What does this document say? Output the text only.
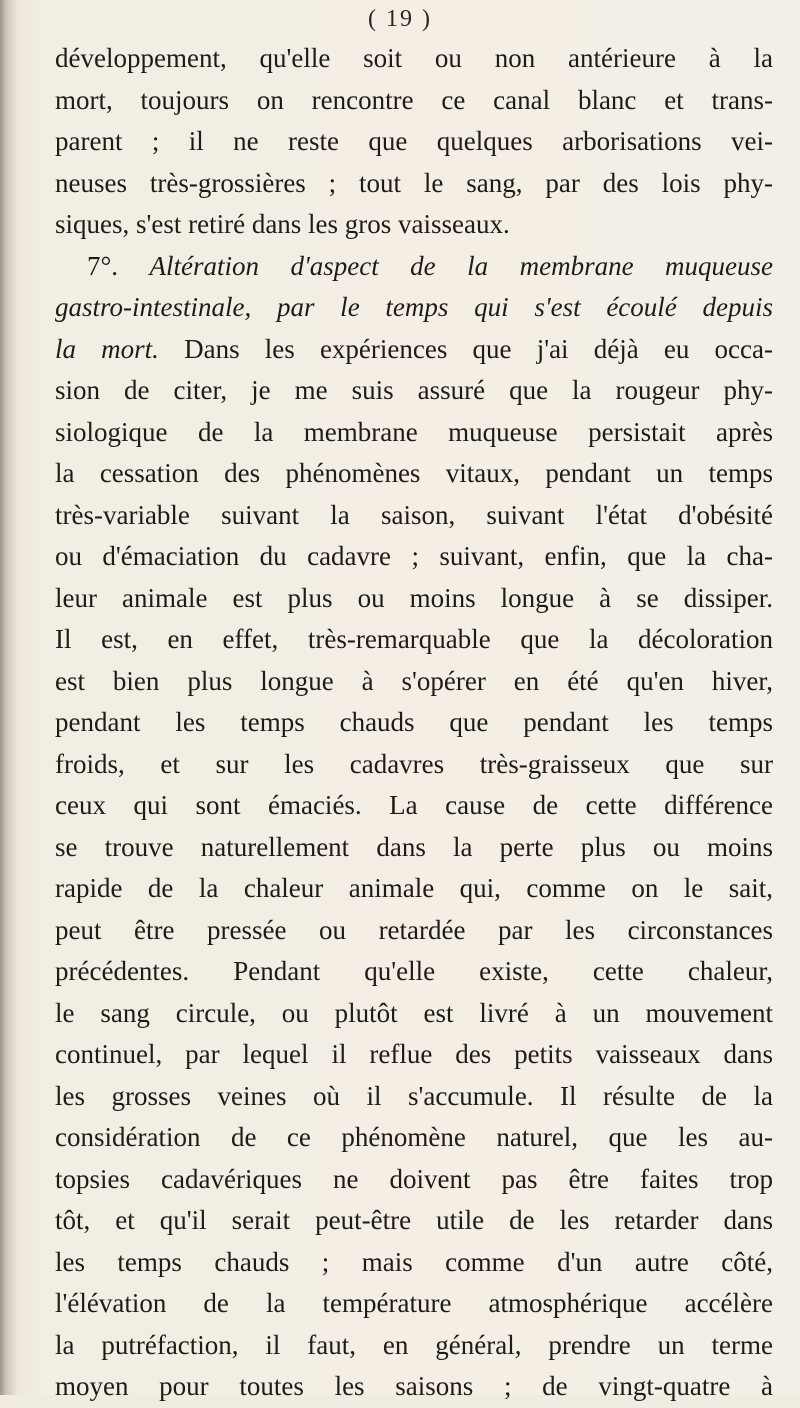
( 19 )
développement, qu'elle soit ou non antérieure à la
mort, toujours on rencontre ce canal blanc et trans-
parent ; il ne reste que quelques arborisations vei-
neuses très-grossières ; tout le sang, par des lois phy-
siques, s'est retiré dans les gros vaisseaux.
7°. Altération d'aspect de la membrane muqueuse
gastro-intestinale, par le temps qui s'est écoulé depuis
la mort. Dans les expériences que j'ai déjà eu occa-
sion de citer, je me suis assuré que la rougeur phy-
siologique de la membrane muqueuse persistait après
la cessation des phénomènes vitaux, pendant un temps
très-variable suivant la saison, suivant l'état d'obésité
ou d'émaciation du cadavre ; suivant, enfin, que la cha-
leur animale est plus ou moins longue à se dissiper.
Il est, en effet, très-remarquable que la décoloration
est bien plus longue à s'opérer en été qu'en hiver,
pendant les temps chauds que pendant les temps
froids, et sur les cadavres très-graisseux que sur
ceux qui sont émaciés. La cause de cette différence
se trouve naturellement dans la perte plus ou moins
rapide de la chaleur animale qui, comme on le sait,
peut être pressée ou retardée par les circonstances
précédentes. Pendant qu'elle existe, cette chaleur,
le sang circule, ou plutôt est livré à un mouvement
continuel, par lequel il reflue des petits vaisseaux dans
les grosses veines où il s'accumule. Il résulte de la
considération de ce phénomène naturel, que les au-
topsies cadavériques ne doivent pas être faites trop
tôt, et qu'il serait peut-être utile de les retarder dans
les temps chauds ; mais comme d'un autre côté,
l'élévation de la température atmosphérique accélère
la putréfaction, il faut, en général, prendre un terme
moyen pour toutes les saisons ; de vingt-quatre à
